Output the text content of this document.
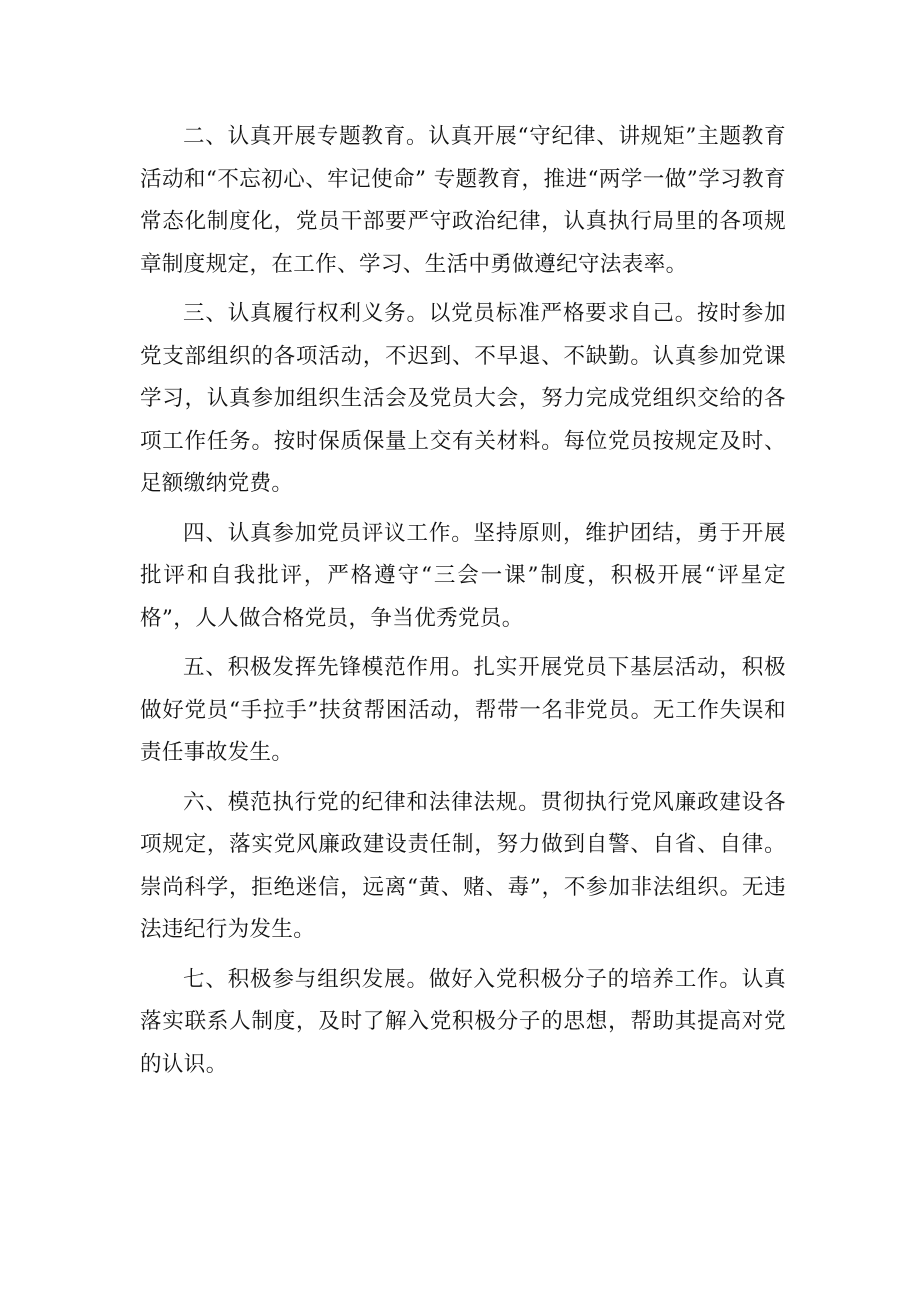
二、认真开展专题教育。认真开展“守纪律、讲规矩”主题教育活动和“不忘初心、牢记使命” 专题教育，推进“两学一做”学习教育常态化制度化，党员干部要严守政治纪律，认真执行局里的各项规章制度规定，在工作、学习、生活中勇做遵纪守法表率。

三、认真履行权利义务。以党员标准严格要求自己。按时参加党支部组织的各项活动，不迟到、不早退、不缺勤。认真参加党课学习，认真参加组织生活会及党员大会，努力完成党组织交给的各项工作任务。按时保质保量上交有关材料。每位党员按规定及时、足额缴纳党费。

四、认真参加党员评议工作。坚持原则，维护团结，勇于开展批评和自我批评，严格遵守“三会一课”制度，积极开展“评星定格”，人人做合格党员，争当优秀党员。

五、积极发挥先锋模范作用。扎实开展党员下基层活动，积极做好党员“手拉手”扶贫帮困活动，帮带一名非党员。无工作失误和责任事故发生。

六、模范执行党的纪律和法律法规。贯彻执行党风廉政建设各项规定，落实党风廉政建设责任制，努力做到自警、自省、自律。崇尚科学，拒绝迷信，远离“黄、赌、毒”，不参加非法组织。无违法违纪行为发生。

七、积极参与组织发展。做好入党积极分子的培养工作。认真落实联系人制度，及时了解入党积极分子的思想，帮助其提高对党的认识。
